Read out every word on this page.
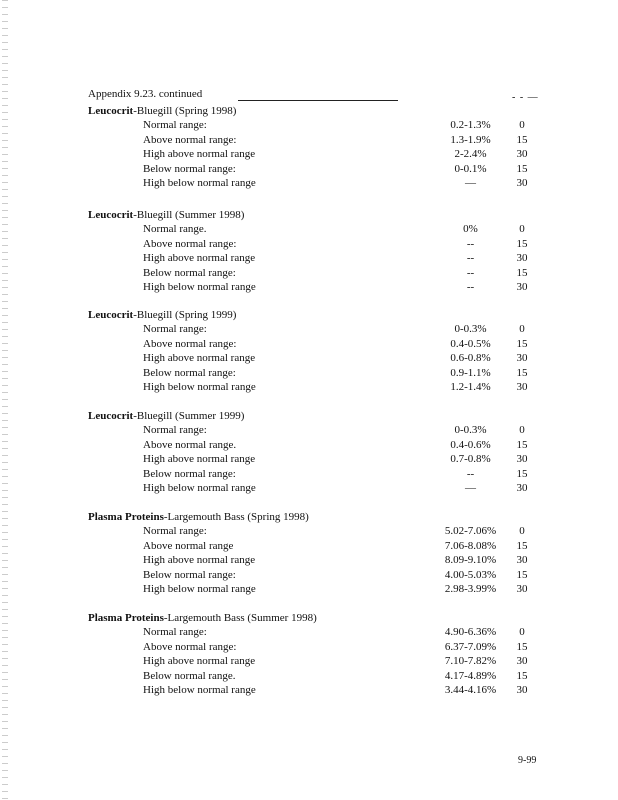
Appendix 9.23. continued	- - —
Leucocrit-Bluegill (Spring 1998)
Normal range:	0.2-1.3%	0
Above normal range:	1.3-1.9%	15
High above normal range	2-2.4%	30
Below normal range:	0-0.1%	15
High below normal range	—	30
Leucocrit-Bluegill (Summer 1998)
Normal range.	0%	0
Above normal range:	--	15
High above normal range	--	30
Below normal range:	--	15
High below normal range	--	30
Leucocrit-Bluegill (Spring 1999)
Normal range:	0-0.3%	0
Above normal range:	0.4-0.5%	15
High above normal range	0.6-0.8%	30
Below normal range:	0.9-1.1%	15
High below normal range	1.2-1.4%	30
Leucocrit-Bluegill (Summer 1999)
Normal range:	0-0.3%	0
Above normal range.	0.4-0.6%	15
High above normal range	0.7-0.8%	30
Below normal range:	--	15
High below normal range	—	30
Plasma Proteins-Largemouth Bass (Spring 1998)
Normal range:	5.02-7.06%	0
Above normal range	7.06-8.08%	15
High above normal range	8.09-9.10%	30
Below normal range:	4.00-5.03%	15
High below normal range	2.98-3.99%	30
Plasma Proteins-Largemouth Bass (Summer 1998)
Normal range:	4.90-6.36%	0
Above normal range:	6.37-7.09%	15
High above normal range	7.10-7.82%	30
Below normal range.	4.17-4.89%	15
High below normal range	3.44-4.16%	30
9-99
